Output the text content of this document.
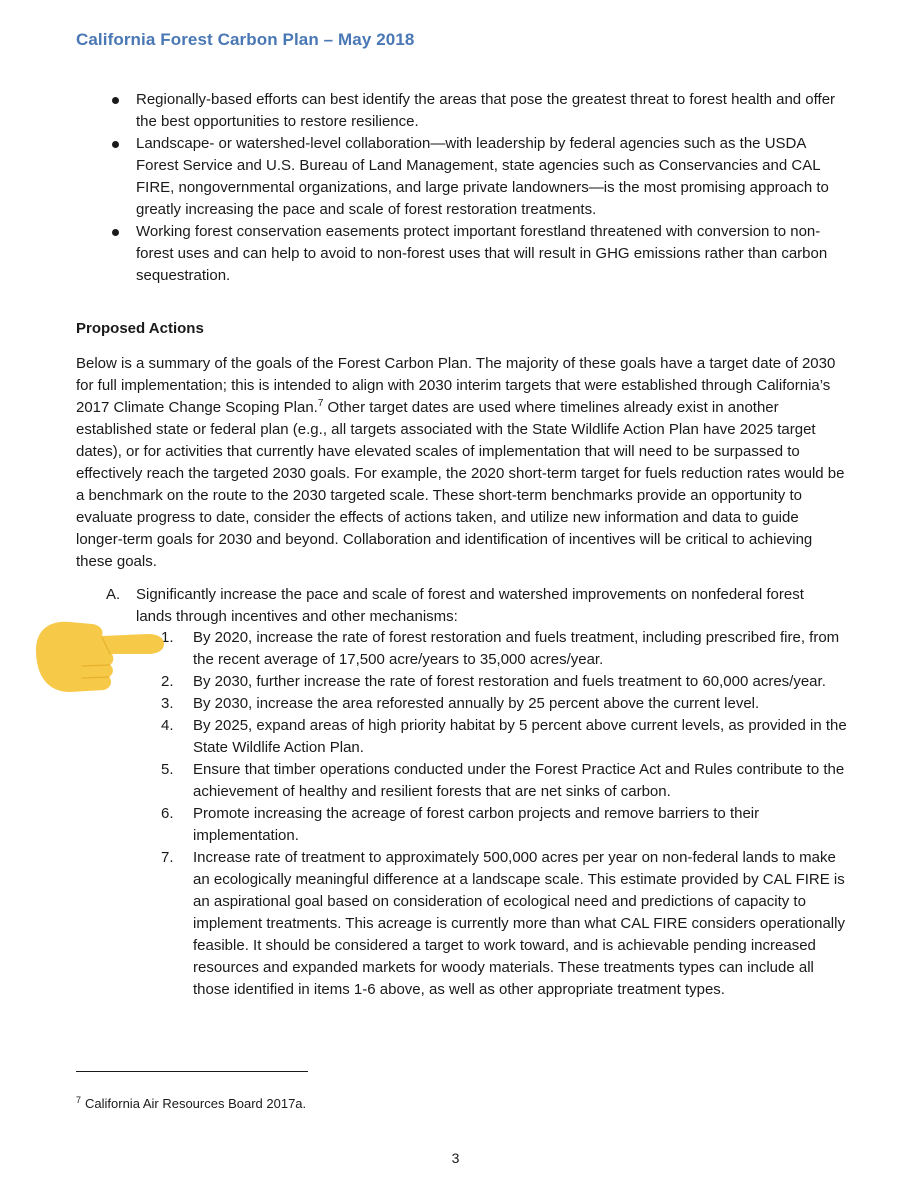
California Forest Carbon Plan – May 2018
Regionally-based efforts can best identify the areas that pose the greatest threat to forest health and offer the best opportunities to restore resilience.
Landscape- or watershed-level collaboration—with leadership by federal agencies such as the USDA Forest Service and U.S. Bureau of Land Management, state agencies such as Conservancies and CAL FIRE, nongovernmental organizations, and large private landowners—is the most promising approach to greatly increasing the pace and scale of forest restoration treatments.
Working forest conservation easements protect important forestland threatened with conversion to non-forest uses and can help to avoid to non-forest uses that will result in GHG emissions rather than carbon sequestration.
Proposed Actions

Below is a summary of the goals of the Forest Carbon Plan. The majority of these goals have a target date of 2030 for full implementation; this is intended to align with 2030 interim targets that were established through California’s 2017 Climate Change Scoping Plan.$^7$ Other target dates are used where timelines already exist in another established state or federal plan (e.g., all targets associated with the State Wildlife Action Plan have 2025 target dates), or for activities that currently have elevated scales of implementation that will need to be surpassed to effectively reach the targeted 2030 goals. For example, the 2020 short-term target for fuels reduction rates would be a benchmark on the route to the 2030 targeted scale. These short-term benchmarks provide an opportunity to evaluate progress to date, consider the effects of actions taken, and utilize new information and data to guide longer-term goals for 2030 and beyond. Collaboration and identification of incentives will be critical to achieving these goals.

A. Significantly increase the pace and scale of forest and watershed improvements on nonfederal forest lands through incentives and other mechanisms:
1. By 2020, increase the rate of forest restoration and fuels treatment, including prescribed fire, from the recent average of 17,500 acre/years to 35,000 acres/year.
2. By 2030, further increase the rate of forest restoration and fuels treatment to 60,000 acres/year.
3. By 2030, increase the area reforested annually by 25 percent above the current level.
4. By 2025, expand areas of high priority habitat by 5 percent above current levels, as provided in the State Wildlife Action Plan.
5. Ensure that timber operations conducted under the Forest Practice Act and Rules contribute to the achievement of healthy and resilient forests that are net sinks of carbon.
6. Promote increasing the acreage of forest carbon projects and remove barriers to their implementation.
7. Increase rate of treatment to approximately 500,000 acres per year on non-federal lands to make an ecologically meaningful difference at a landscape scale. This estimate provided by CAL FIRE is an aspirational goal based on consideration of ecological need and predictions of capacity to implement treatments. This acreage is currently more than what CAL FIRE considers operationally feasible. It should be considered a target to work toward, and is achievable pending increased resources and expanded markets for woody materials. These treatments types can include all those identified in items 1-6 above, as well as other appropriate treatment types.
$^7$ California Air Resources Board 2017a.
3
